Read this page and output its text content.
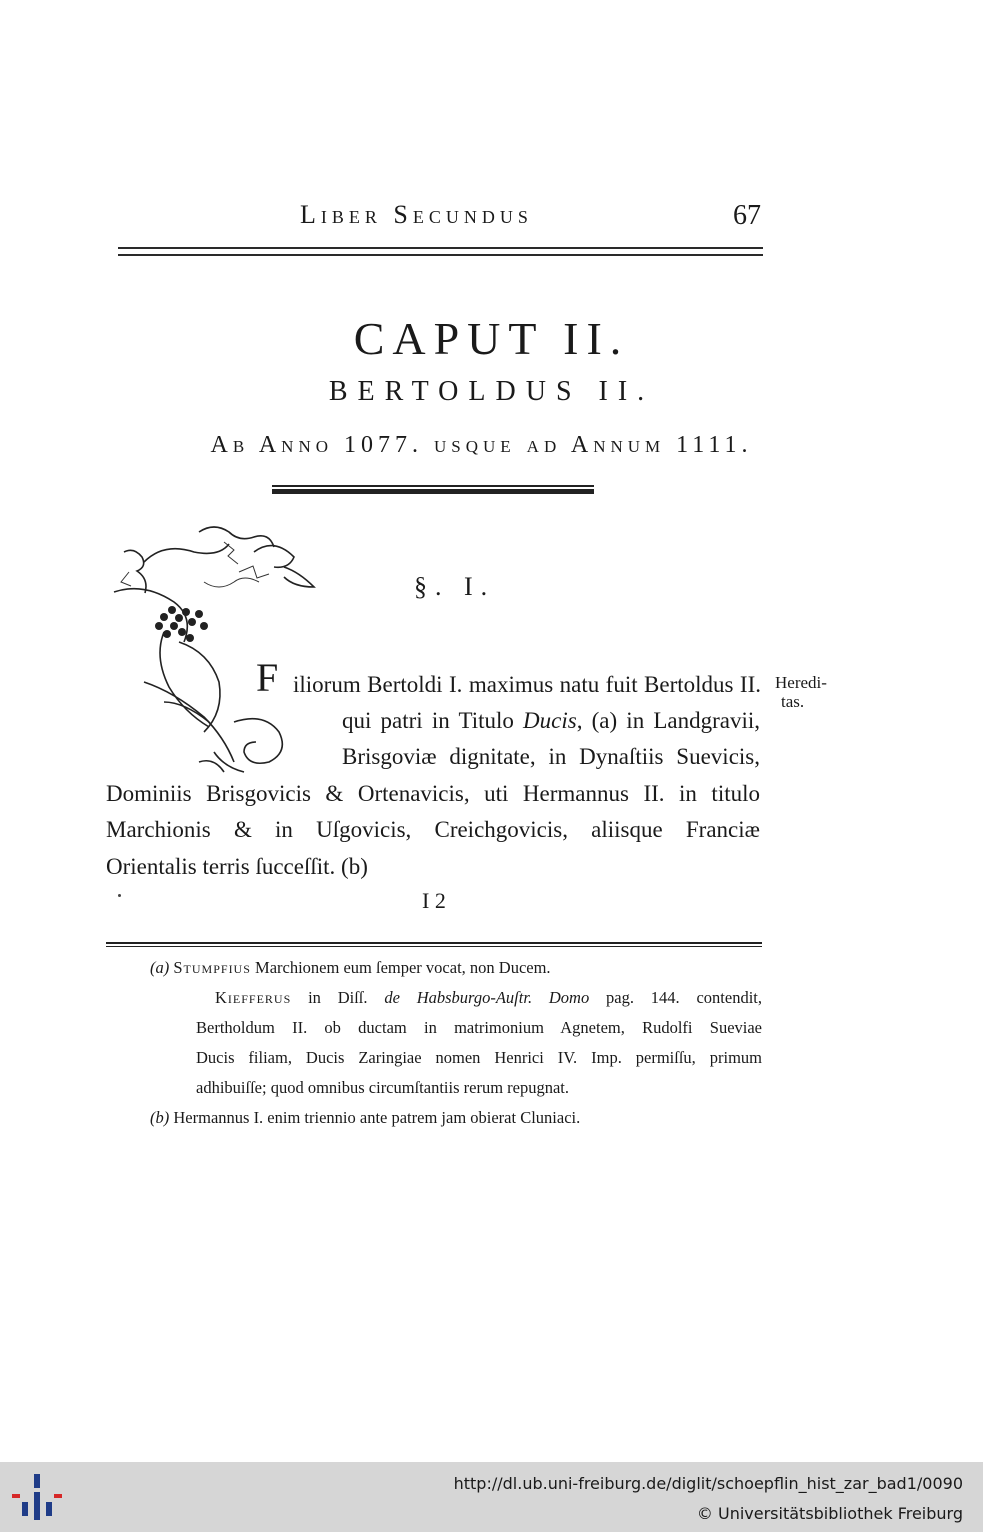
Liber Secundus	67
CAPUT II.
BERTOLDUS II.
Ab Anno 1077. usque ad Annum 1111.
§. I.
F iliorum Bertoldi I. maximus natu fuit Bertoldus II.
qui patri in Titulo Ducis, (a) in Landgravii,
Brisgoviæ dignitate, in Dynaſtiis Suevicis,
Dominiis Brisgovicis & Ortenavicis, uti Hermannus II. in titulo
Marchionis & in Uſgovicis, Creichgovicis, aliisque Franciæ
Orientalis terris ſucceſſit. (b)
Heredi-
tas.
I 2
(a) Stumpfius Marchionem eum ſemper vocat, non Ducem.
Kiefferus in Diſſ. de Habsburgo-Auſtr. Domo pag. 144. contendit,
Bertholdum II. ob ductam in matrimonium Agnetem, Rudolfi Sueviae
Ducis filiam, Ducis Zaringiae nomen Henrici IV. Imp. permiſſu, primum
adhibuiſſe; quod omnibus circumſtantiis rerum repugnat.
(b) Hermannus I. enim triennio ante patrem jam obierat Cluniaci.
http://dl.ub.uni-freiburg.de/diglit/schoepflin_hist_zar_bad1/0090
© Universitätsbibliothek Freiburg
